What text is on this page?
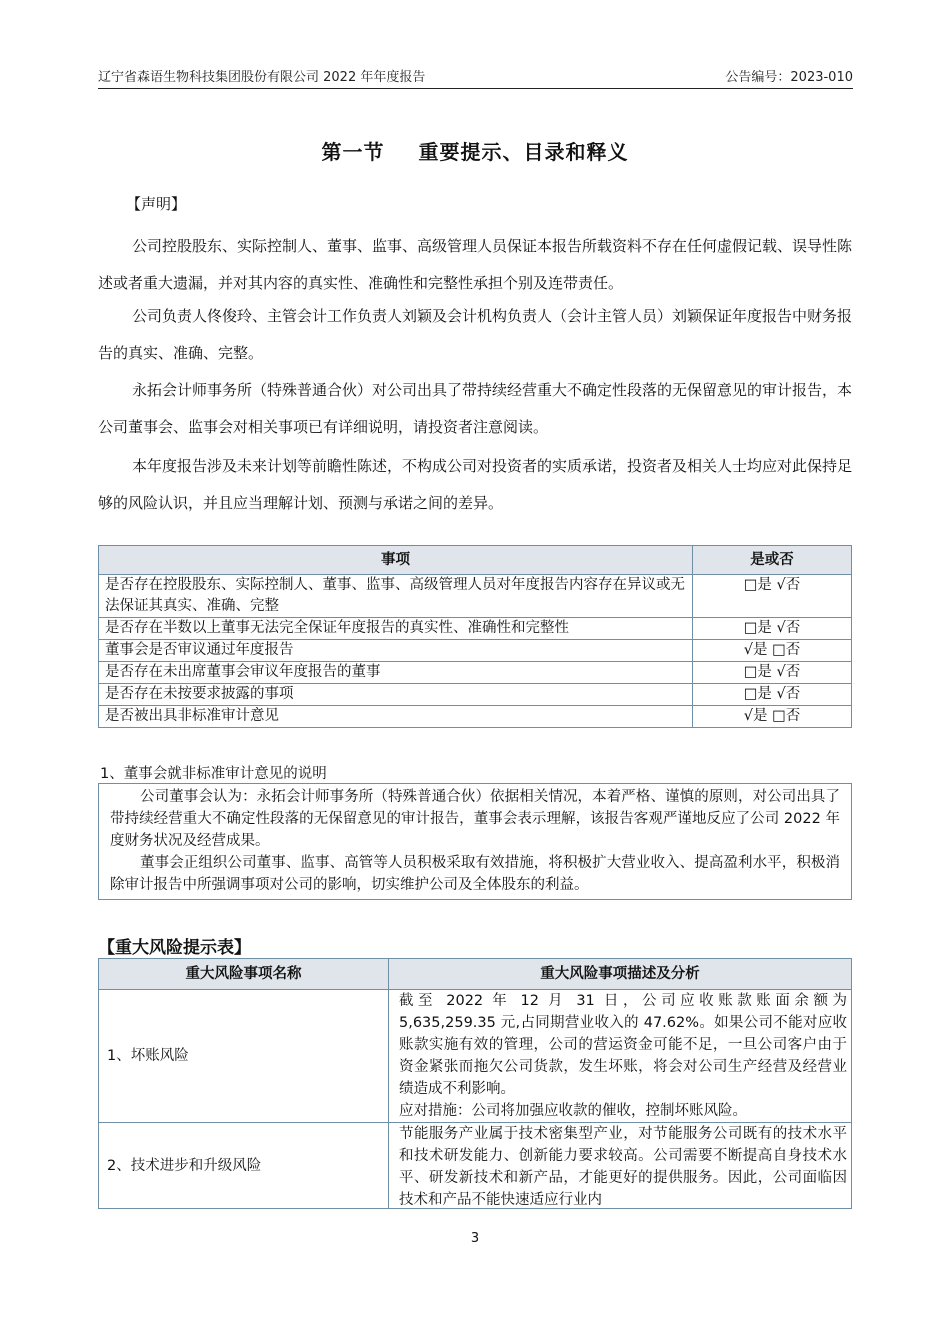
辽宁省森语生物科技集团股份有限公司 2022 年年度报告	公告编号：2023-010
第一节 重要提示、目录和释义
【声明】
公司控股股东、实际控制人、董事、监事、高级管理人员保证本报告所载资料不存在任何虚假记载、误导性陈述或者重大遗漏，并对其内容的真实性、准确性和完整性承担个别及连带责任。
公司负责人佟俊玲、主管会计工作负责人刘颖及会计机构负责人（会计主管人员）刘颖保证年度报告中财务报告的真实、准确、完整。
永拓会计师事务所（特殊普通合伙）对公司出具了带持续经营重大不确定性段落的无保留意见的审计报告，本公司董事会、监事会对相关事项已有详细说明，请投资者注意阅读。
本年度报告涉及未来计划等前瞻性陈述，不构成公司对投资者的实质承诺，投资者及相关人士均应对此保持足够的风险认识，并且应当理解计划、预测与承诺之间的差异。
事项	是或否
是否存在控股股东、实际控制人、董事、监事、高级管理人员对年度报告内容存在异议或无法保证其真实、准确、完整	□是 √否
是否存在半数以上董事无法完全保证年度报告的真实性、准确性和完整性	□是 √否
董事会是否审议通过年度报告	√是 □否
是否存在未出席董事会审议年度报告的董事	□是 √否
是否存在未按要求披露的事项	□是 √否
是否被出具非标准审计意见	√是 □否
1、董事会就非标准审计意见的说明

公司董事会认为：永拓会计师事务所（特殊普通合伙）依据相关情况，本着严格、谨慎的原则，对公司出具了带持续经营重大不确定性段落的无保留意见的审计报告，董事会表示理解，该报告客观严谨地反应了公司 2022 年度财务状况及经营成果。

董事会正组织公司董事、监事、高管等人员积极采取有效措施，将积极扩大营业收入、提高盈利水平，积极消除审计报告中所强调事项对公司的影响，切实维护公司及全体股东的利益。

【重大风险提示表】
重大风险事项名称	重大风险事项描述及分析
1、坏账风险	截至 2022 年 12 月 31 日，公司应收账款账面余额为 5,635,259.35 元,占同期营业收入的 47.62%。如果公司不能对应收账款实施有效的管理，公司的营运资金可能不足，一旦公司客户由于资金紧张而拖欠公司货款，发生坏账，将会对公司生产经营及经营业绩造成不利影响。

应对措施：公司将加强应收款的催收，控制坏账风险。

2、技术进步和升级风险	节能服务产业属于技术密集型产业，对节能服务公司既有的技术水平和技术研发能力、创新能力要求较高。公司需要不断提高自身技术水平、研发新技术和新产品，才能更好的提供服务。因此，公司面临因技术和产品不能快速适应行业内

3
